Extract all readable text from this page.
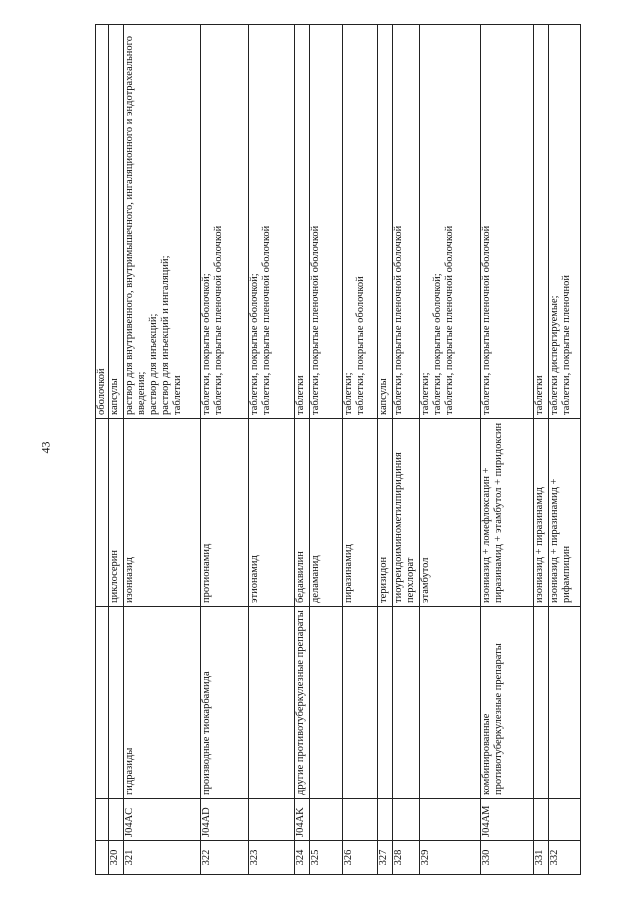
43

				оболочкой

320			циклосерин	капсулы

321	J04AC	гидразиды	изониазид	раствор для внутривенного, внутримышечного, ингаляционного и эндотрахеального введения; раствор для инъекций; раствор для инъекций и ингаляций; таблетки

322	J04AD	производные тиокарбамида	протионамид	таблетки, покрытые оболочкой; таблетки, покрытые пленочной оболочкой

323			этионамид	таблетки, покрытые оболочкой; таблетки, покрытые пленочной оболочкой

324	J04AK	другие противотуберкулезные препараты	бедаквилин	таблетки

325			деламанид	таблетки, покрытые пленочной оболочкой

326			пиразинамид	таблетки; таблетки, покрытые оболочкой

327			теризидон	капсулы

328			тиоуреидоиминометилпиридиния перхлорат	таблетки, покрытые пленочной оболочкой

329			этамбутол	таблетки; таблетки, покрытые оболочкой; таблетки, покрытые пленочной оболочкой

330	J04AM	комбинированные противотуберкулезные препараты	изониазид + ломефлоксацин + пиразинамид + этамбутол + пиридоксин	таблетки, покрытые пленочной оболочкой

331			изониазид + пиразинамид	таблетки

332			изониазид + пиразинамид + рифампицин	таблетки диспергируемые; таблетки, покрытые пленочной
